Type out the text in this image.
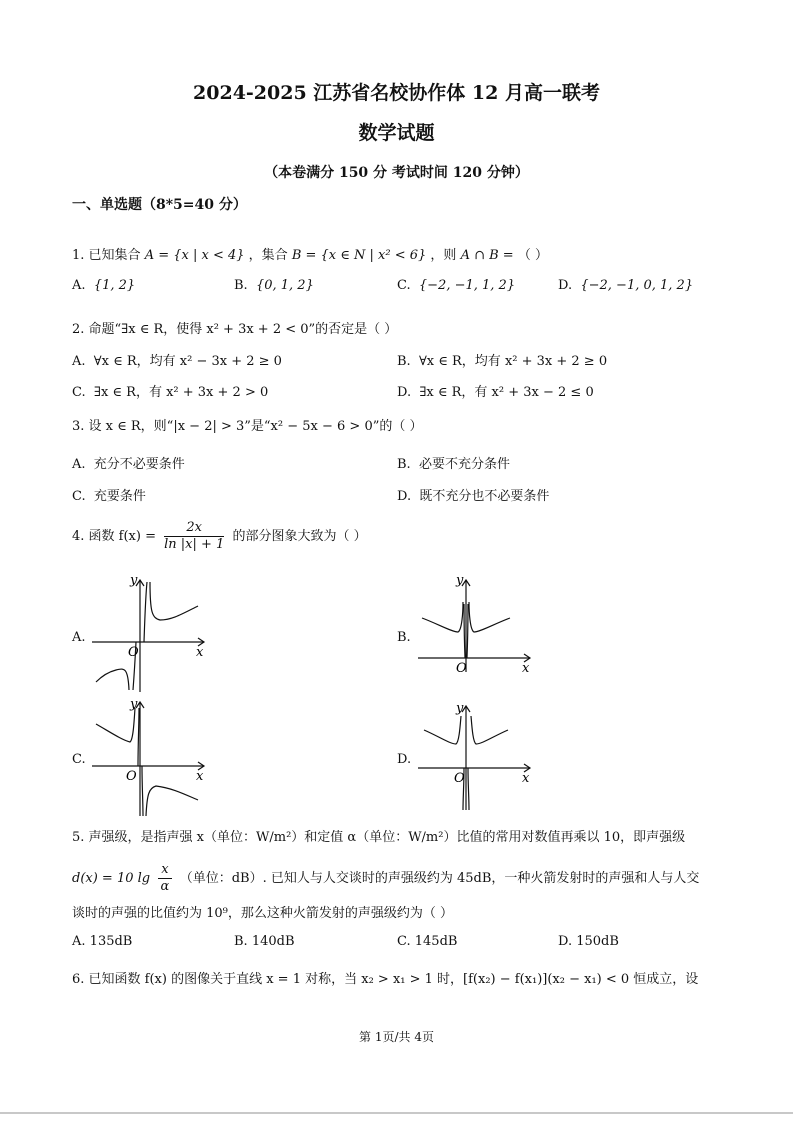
2024-2025 江苏省名校协作体 12 月高一联考
数学试题
（本卷满分 150 分 考试时间 120 分钟）
一、单选题（8*5=40 分）
1. 已知集合 A = {x | x < 4} ，集合 B = {x ∈ N | x² < 6} ，则 A ∩ B = （ ）
A. {1, 2}	B. {0, 1, 2}	C. {−2, −1, 1, 2}	D. {−2, −1, 0, 1, 2}
2. 命题“∃x ∈ R，使得 x² + 3x + 2 < 0”的否定是（ ）
A. ∀x ∈ R，均有 x² − 3x + 2 ≥ 0	B. ∀x ∈ R，均有 x² + 3x + 2 ≥ 0
C. ∃x ∈ R，有 x² + 3x + 2 > 0	D. ∃x ∈ R，有 x² + 3x − 2 ≤ 0
3. 设 x ∈ R，则“|x − 2| > 3”是“x² − 5x − 6 > 0”的（ ）
A. 充分不必要条件	B. 必要不充分条件
C. 充要条件	D. 既不充分也不必要条件
4. 函数 $f(x) = \frac{2x}{\ln |x| + 1}$ 的部分图象大致为（ ）
A.	B.
C.	D.
y
x
O
y
x
O
y
x
O
y
x
O
5. 声强级，是指声强 x（单位：W/m²）和定值 α（单位：W/m²）比值的常用对数值再乘以 10，即声强级
d(x) = 10 $\lg \frac{x}{\alpha}$ （单位：dB）. 已知人与人交谈时的声强级约为 45dB，一种火箭发射时的声强和人与人交
谈时的声强的比值约为 10⁹，那么这种火箭发射的声强级约为（ ）
A. 135dB	B. 140dB	C. 145dB	D. 150dB
6. 已知函数 f(x) 的图像关于直线 x = 1 对称，当 x₂ > x₁ > 1 时，[f(x₂) − f(x₁)](x₂ − x₁) < 0 恒成立，设
第 1页/共 4页
